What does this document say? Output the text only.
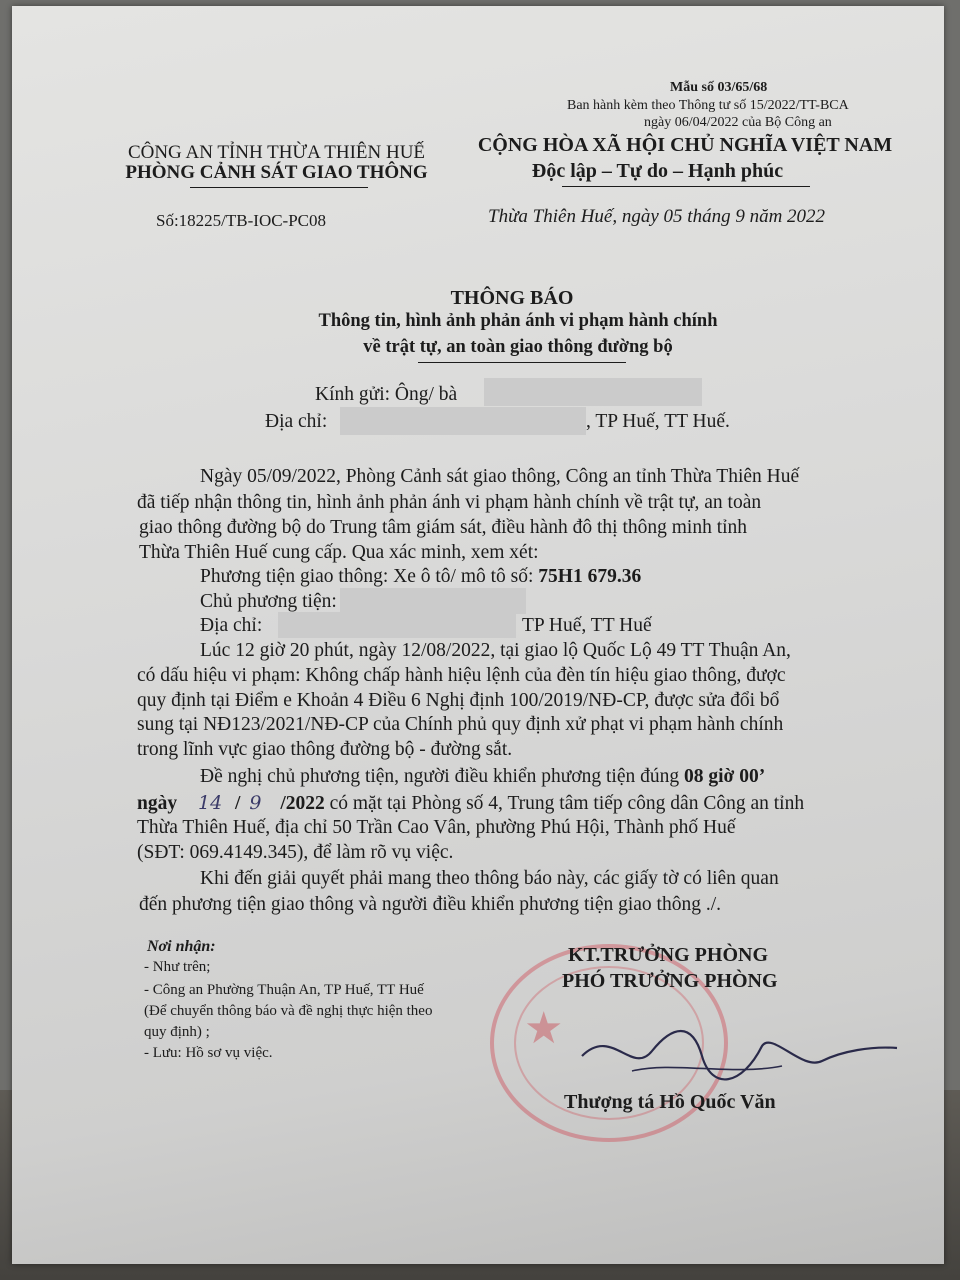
Mẫu số 03/65/68
Ban hành kèm theo Thông tư số 15/2022/TT-BCA
ngày 06/04/2022 của Bộ Công an
CÔNG AN TỈNH THỪA THIÊN HUẾ
PHÒNG CẢNH SÁT GIAO THÔNG
Số:18225/TB-IOC-PC08
CỘNG HÒA XÃ HỘI CHỦ NGHĨA VIỆT NAM
Độc lập – Tự do – Hạnh phúc
Thừa Thiên Huế, ngày 05 tháng 9 năm 2022
THÔNG BÁO
Thông tin, hình ảnh phản ánh vi phạm hành chính
về trật tự, an toàn giao thông đường bộ
Kính gửi: Ông/ bà
Địa chỉ:	, TP Huế, TT Huế.
Ngày 05/09/2022, Phòng Cảnh sát giao thông, Công an tỉnh Thừa Thiên Huế
đã tiếp nhận thông tin, hình ảnh phản ánh vi phạm hành chính về trật tự, an toàn
giao thông đường bộ do Trung tâm giám sát, điều hành đô thị thông minh tỉnh
Thừa Thiên Huế cung cấp. Qua xác minh, xem xét:
Phương tiện giao thông: Xe ô tô/ mô tô số: 75H1 679.36
Chủ phương tiện:
Địa chỉ:	TP Huế, TT Huế
Lúc 12 giờ 20 phút, ngày 12/08/2022, tại giao lộ Quốc Lộ 49 TT Thuận An,
có dấu hiệu vi phạm: Không chấp hành hiệu lệnh của đèn tín hiệu giao thông, được
quy định tại Điểm e Khoản 4 Điều 6 Nghị định 100/2019/NĐ-CP, được sửa đổi bổ
sung tại NĐ123/2021/NĐ-CP của Chính phủ quy định xử phạt vi phạm hành chính
trong lĩnh vực giao thông đường bộ - đường sắt.
Đề nghị chủ phương tiện, người điều khiển phương tiện đúng 08 giờ 00’
ngày 14 / 9 /2022 có mặt tại Phòng số 4, Trung tâm tiếp công dân Công an tỉnh
Thừa Thiên Huế, địa chỉ 50 Trần Cao Vân, phường Phú Hội, Thành phố Huế
(SĐT: 069.4149.345), để làm rõ vụ việc.
Khi đến giải quyết phải mang theo thông báo này, các giấy tờ có liên quan
đến phương tiện giao thông và người điều khiển phương tiện giao thông ./.
Nơi nhận:
- Như trên;
- Công an Phường Thuận An, TP Huế, TT Huế
(Để chuyển thông báo và đề nghị thực hiện theo
quy định) ;
- Lưu: Hồ sơ vụ việc.	★
KT.TRƯỞNG PHÒNG
PHÓ TRƯỞNG PHÒNG
Thượng tá Hồ Quốc Văn
